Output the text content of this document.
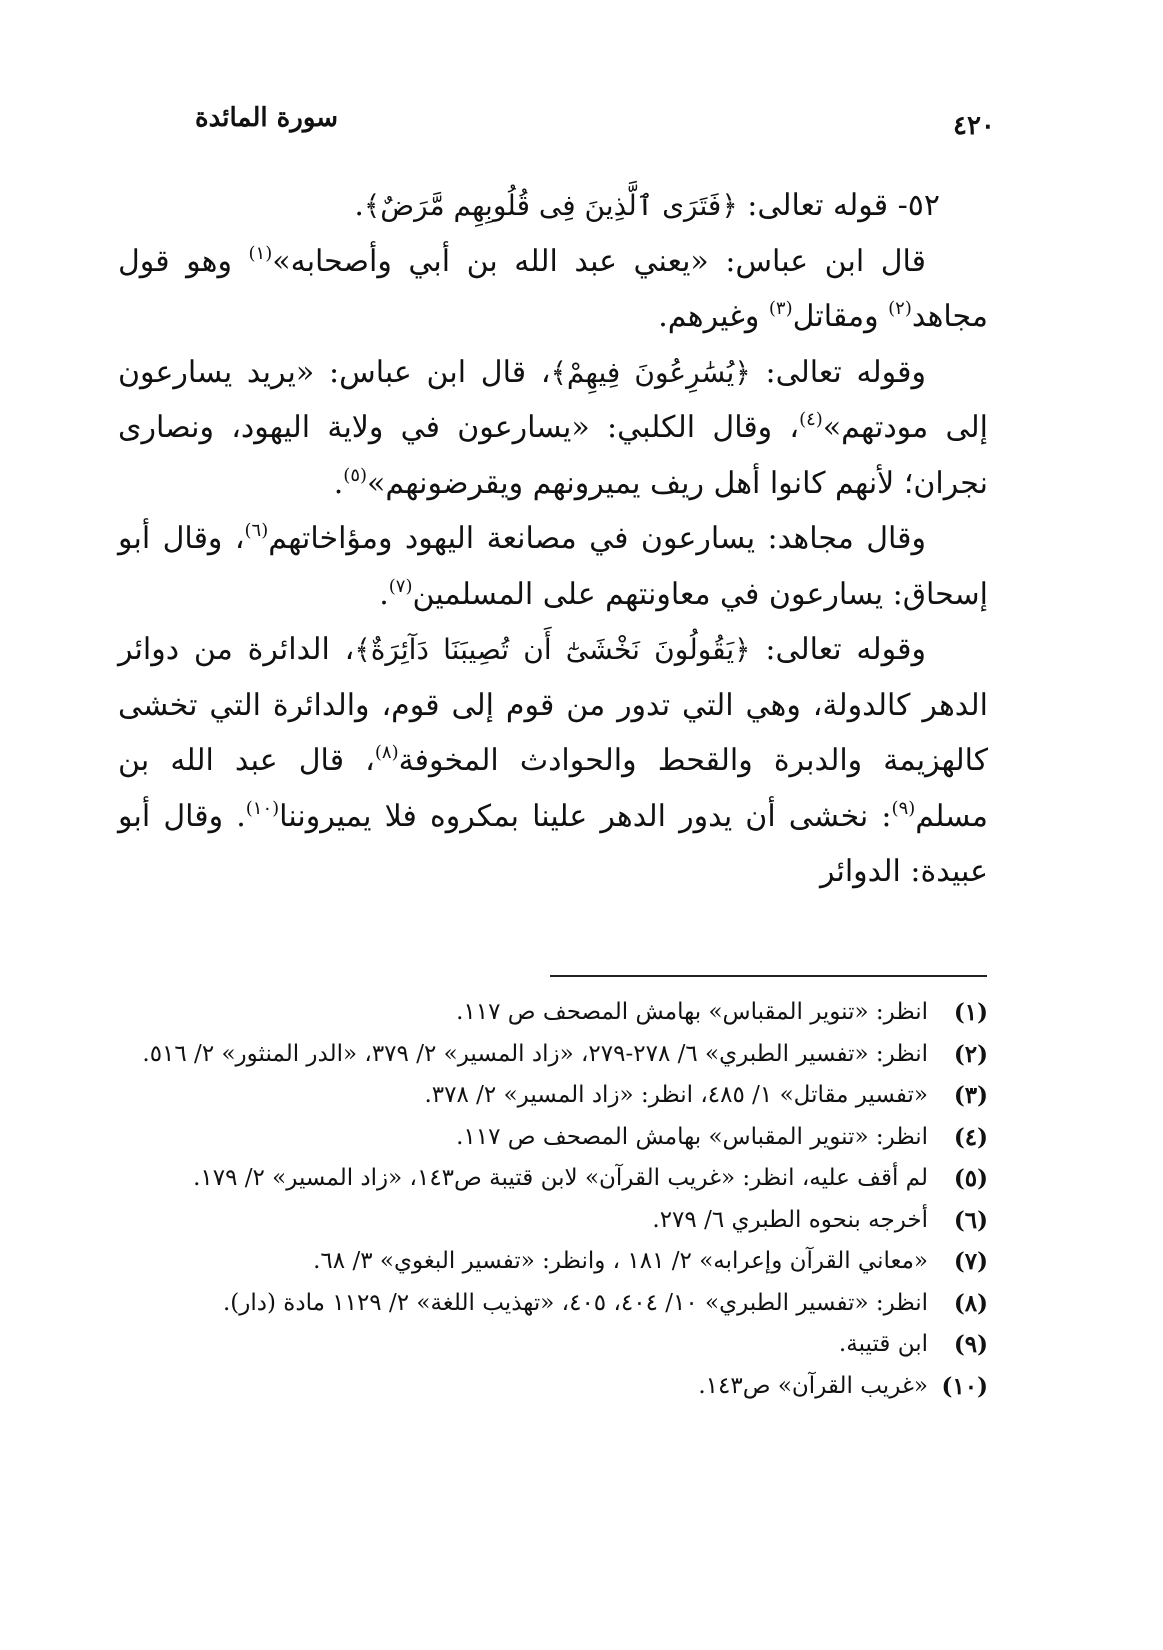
سورة المائدة	٤٢٠

٥٢- قوله تعالى: ﴿فَتَرَى ٱلَّذِينَ فِى قُلُوبِهِم مَّرَضٌ﴾.

قال ابن عباس: «يعني عبد الله بن أبي وأصحابه»$^{(١)}$ وهو قول مجاهد$^{(٢)}$ ومقاتل$^{(٣)}$ وغيرهم.

وقوله تعالى: ﴿يُسَٰرِعُونَ فِيهِمْ﴾، قال ابن عباس: «يريد يسارعون إلى مودتهم»$^{(٤)}$، وقال الكلبي: «يسارعون في ولاية اليهود، ونصارى نجران؛ لأنهم كانوا أهل ريف يميرونهم ويقرضونهم»$^{(٥)}$.

وقال مجاهد: يسارعون في مصانعة اليهود ومؤاخاتهم$^{(٦)}$، وقال أبو إسحاق: يسارعون في معاونتهم على المسلمين$^{(٧)}$.

وقوله تعالى: ﴿يَقُولُونَ نَخْشَىٰٓ أَن تُصِيبَنَا دَآئِرَةٌ﴾، الدائرة من دوائر الدهر كالدولة، وهي التي تدور من قوم إلى قوم، والدائرة التي تخشى كالهزيمة والدبرة والقحط والحوادث المخوفة$^{(٨)}$، قال عبد الله بن مسلم$^{(٩)}$: نخشى أن يدور الدهر علينا بمكروه فلا يميروننا$^{(١٠)}$. وقال أبو عبيدة: الدوائر

(١)
انظر: «تنوير المقباس» بهامش المصحف ص ١١٧.
(٢)
انظر: «تفسير الطبري» ٦/ ٢٧٨-٢٧٩، «زاد المسير» ٢/ ٣٧٩، «الدر المنثور» ٢/ ٥١٦.
(٣)
«تفسير مقاتل» ١/ ٤٨٥، انظر: «زاد المسير» ٢/ ٣٧٨.
(٤)
انظر: «تنوير المقباس» بهامش المصحف ص ١١٧.
(٥)
لم أقف عليه، انظر: «غريب القرآن» لابن قتيبة ص١٤٣، «زاد المسير» ٢/ ١٧٩.
(٦)
أخرجه بنحوه الطبري ٦/ ٢٧٩.
(٧)
«معاني القرآن وإعرابه» ٢/ ١٨١ ، وانظر: «تفسير البغوي» ٣/ ٦٨.
(٨)
انظر: «تفسير الطبري» ١٠/ ٤٠٤، ٤٠٥، «تهذيب اللغة» ٢/ ١١٢٩ مادة (دار).
(٩)
ابن قتيبة.
(١٠)
«غريب القرآن» ص١٤٣.
